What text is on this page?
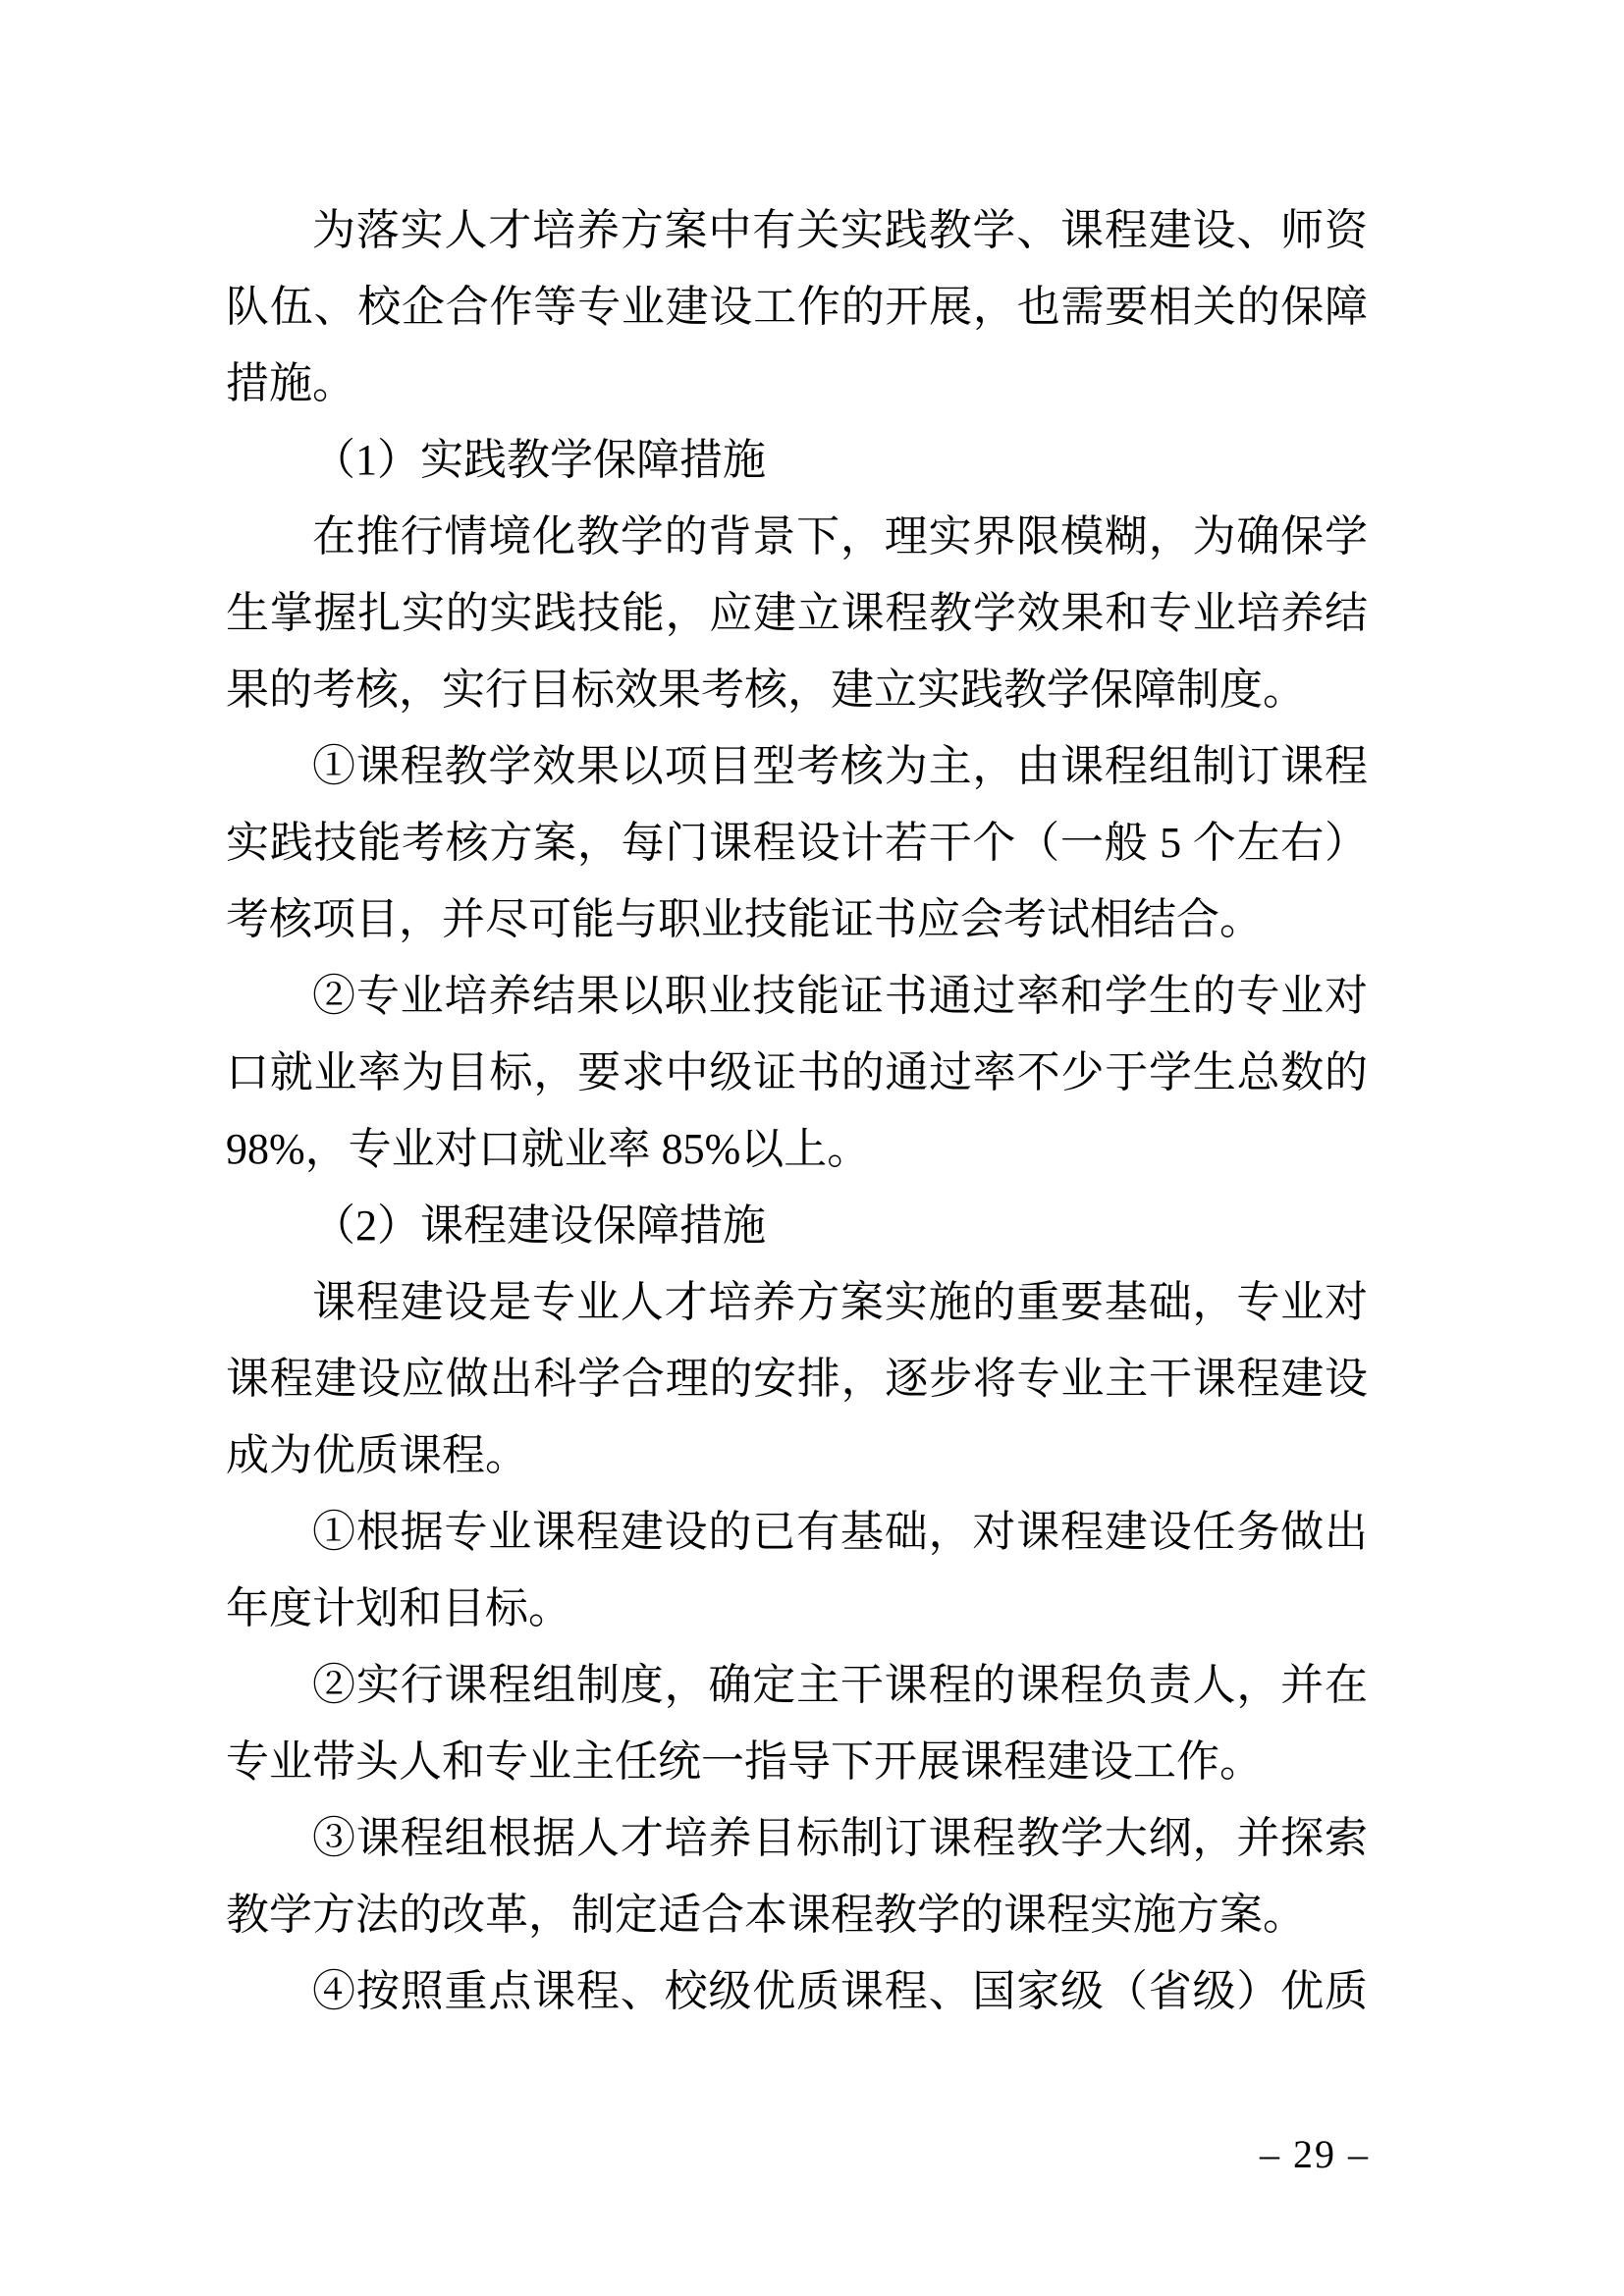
为落实人才培养方案中有关实践教学、课程建设、师资
队伍、校企合作等专业建设工作的开展，也需要相关的保障
措施。
（1）实践教学保障措施
在推行情境化教学的背景下，理实界限模糊，为确保学
生掌握扎实的实践技能，应建立课程教学效果和专业培养结
果的考核，实行目标效果考核，建立实践教学保障制度。
①课程教学效果以项目型考核为主，由课程组制订课程
实践技能考核方案，每门课程设计若干个（一般 5 个左右）
考核项目，并尽可能与职业技能证书应会考试相结合。
②专业培养结果以职业技能证书通过率和学生的专业对
口就业率为目标，要求中级证书的通过率不少于学生总数的
98%，专业对口就业率 85%以上。
（2）课程建设保障措施
课程建设是专业人才培养方案实施的重要基础，专业对
课程建设应做出科学合理的安排，逐步将专业主干课程建设
成为优质课程。
①根据专业课程建设的已有基础，对课程建设任务做出
年度计划和目标。
②实行课程组制度，确定主干课程的课程负责人，并在
专业带头人和专业主任统一指导下开展课程建设工作。
③课程组根据人才培养目标制订课程教学大纲，并探索
教学方法的改革，制定适合本课程教学的课程实施方案。
④按照重点课程、校级优质课程、国家级（省级）优质
– 29 –
